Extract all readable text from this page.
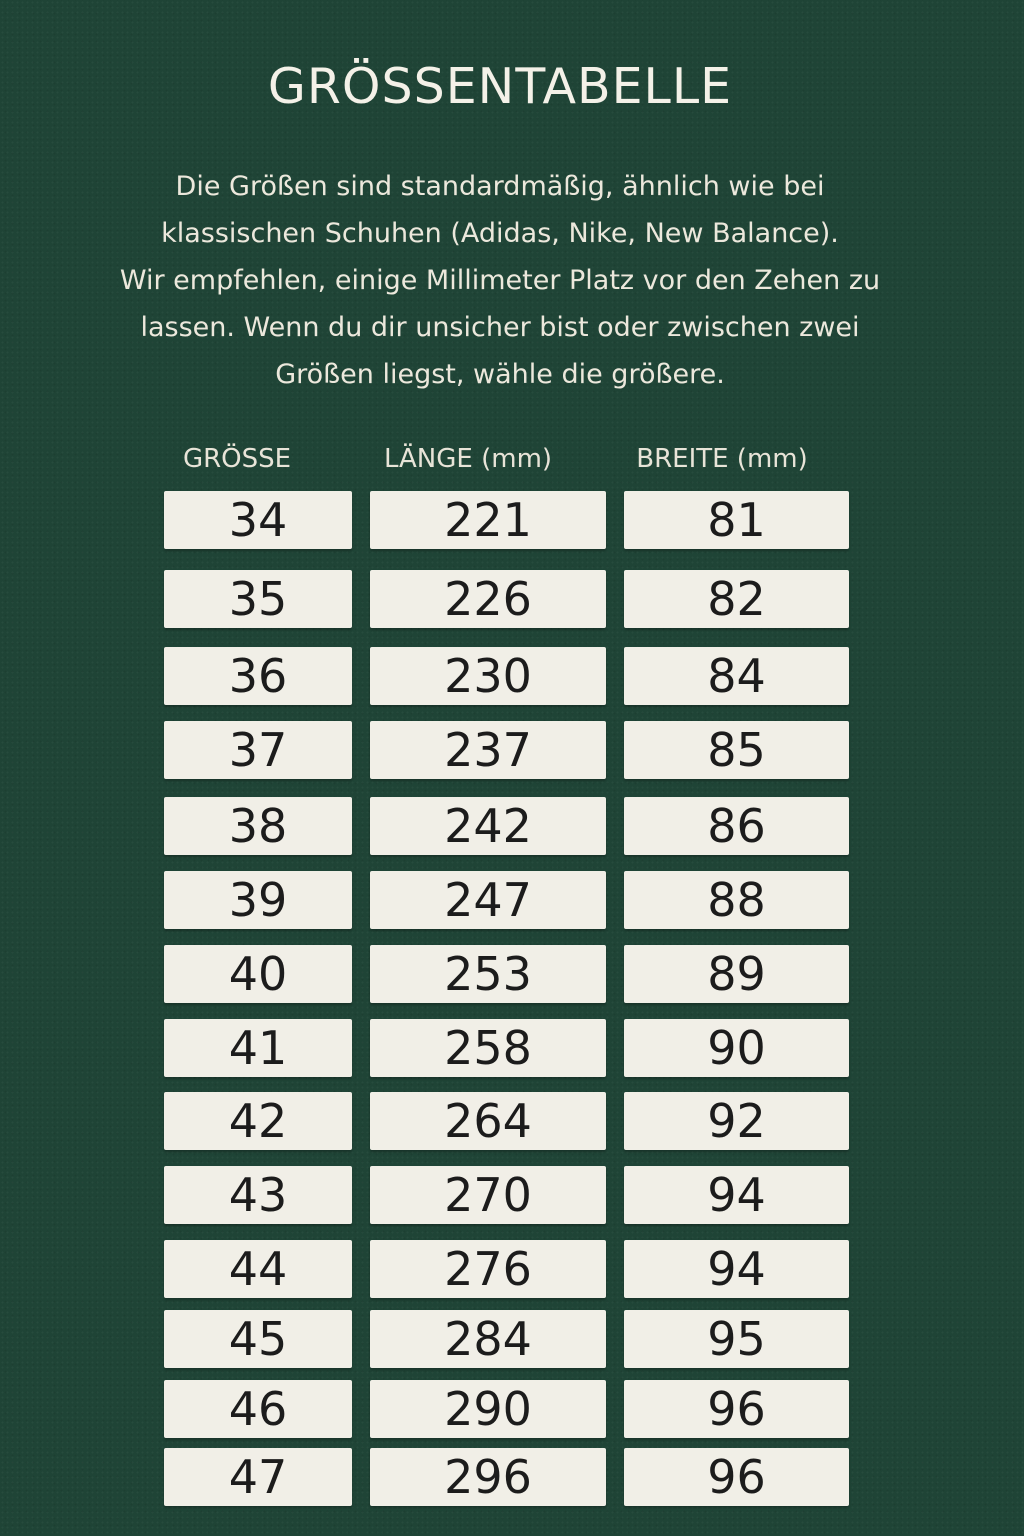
GRÖSSENTABELLE
Die Größen sind standardmäßig, ähnlich wie bei
klassischen Schuhen (Adidas, Nike, New Balance).
Wir empfehlen, einige Millimeter Platz vor den Zehen zu
lassen. Wenn du dir unsicher bist oder zwischen zwei
Größen liegst, wähle die größere.
GRÖSSE	LÄNGE (mm)	BREITE (mm)
34	221	81
35	226	82
36	230	84
37	237	85
38	242	86
39	247	88
40	253	89
41	258	90
42	264	92
43	270	94
44	276	94
45	284	95
46	290	96
47	296	96
